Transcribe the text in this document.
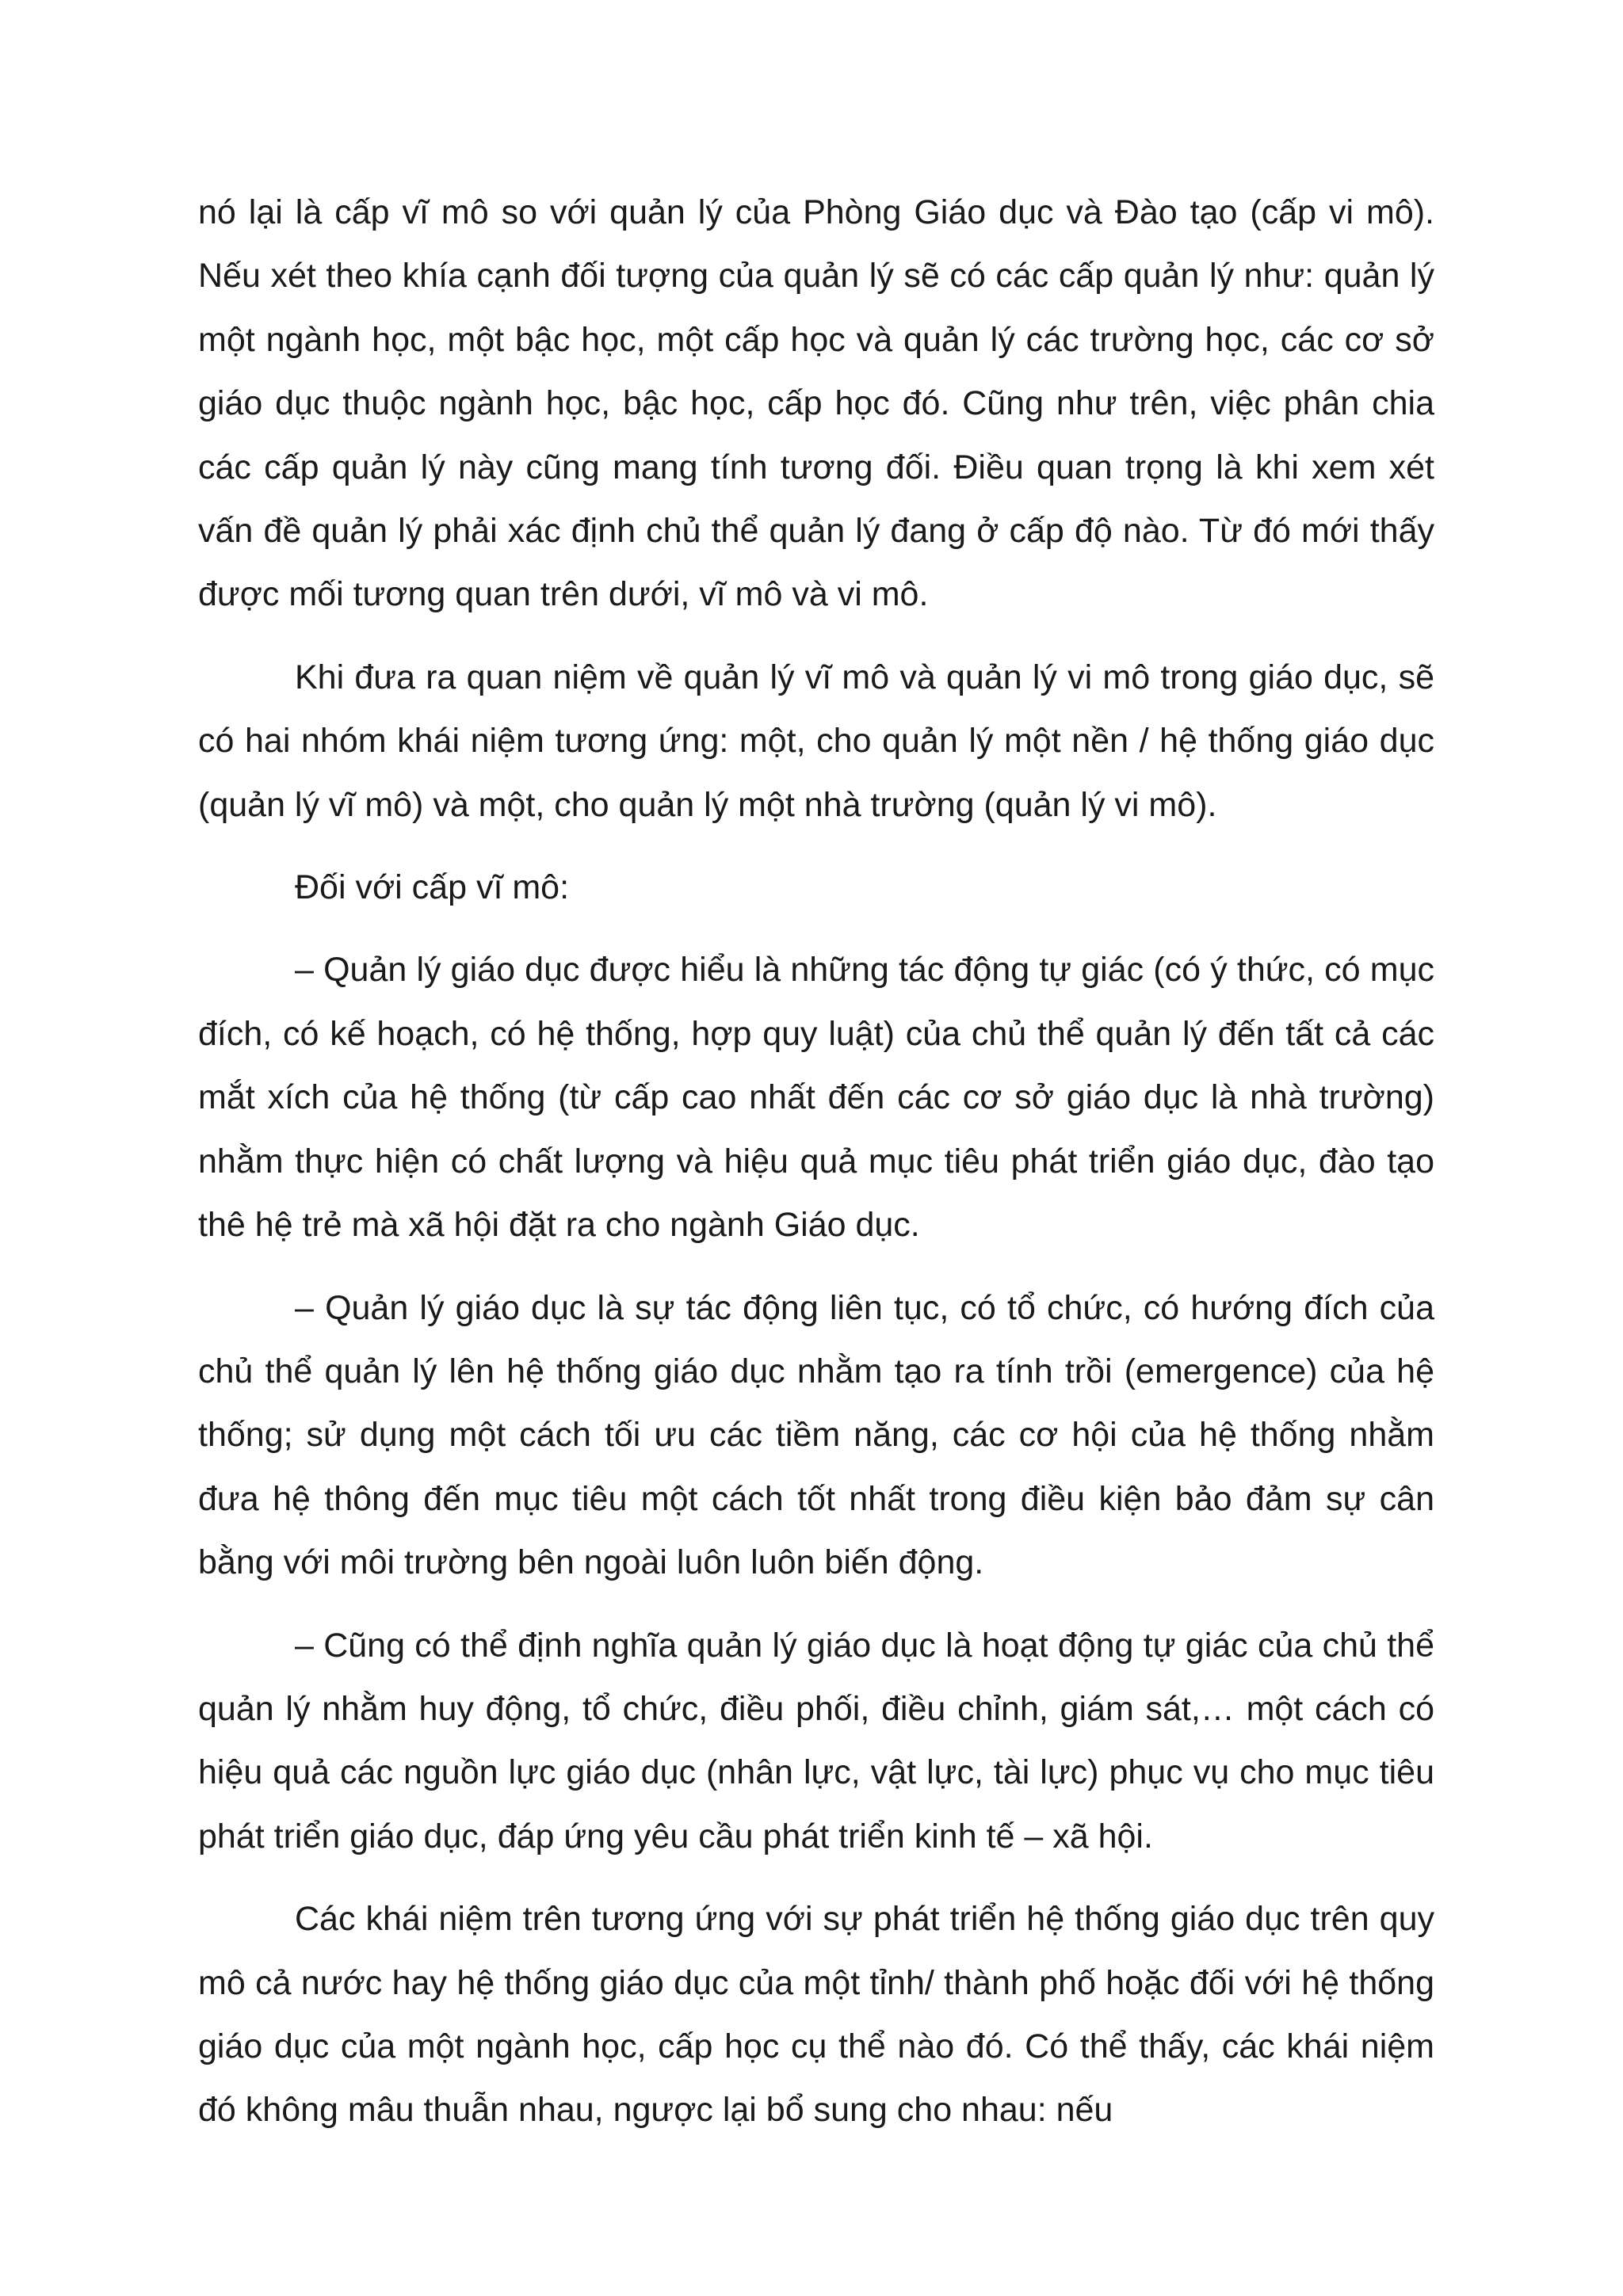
nó lại là cấp vĩ mô so với quản lý của Phòng Giáo dục và Đào tạo (cấp vi mô). Nếu xét theo khía cạnh đối tượng của quản lý sẽ có các cấp quản lý như: quản lý một ngành học, một bậc học, một cấp học và quản lý các trường học, các cơ sở giáo dục thuộc ngành học, bậc học, cấp học đó. Cũng như trên, việc phân chia các cấp quản lý này cũng mang tính tương đối. Điều quan trọng là khi xem xét vấn đề quản lý phải xác định chủ thể quản lý đang ở cấp độ nào. Từ đó mới thấy được mối tương quan trên dưới, vĩ mô và vi mô.

Khi đưa ra quan niệm về quản lý vĩ mô và quản lý vi mô trong giáo dục, sẽ có hai nhóm khái niệm tương ứng: một, cho quản lý một nền / hệ thống giáo dục (quản lý vĩ mô) và một, cho quản lý một nhà trường (quản lý vi mô).

Đối với cấp vĩ mô:

– Quản lý giáo dục được hiểu là những tác động tự giác (có ý thức, có mục đích, có kế hoạch, có hệ thống, hợp quy luật) của chủ thể quản lý đến tất cả các mắt xích của hệ thống (từ cấp cao nhất đến các cơ sở giáo dục là nhà trường) nhằm thực hiện có chất lượng và hiệu quả mục tiêu phát triển giáo dục, đào tạo thê hệ trẻ mà xã hội đặt ra cho ngành Giáo dục.

– Quản lý giáo dục là sự tác động liên tục, có tổ chức, có hướng đích của chủ thể quản lý lên hệ thống giáo dục nhằm tạo ra tính trồi (emergence) của hệ thống; sử dụng một cách tối ưu các tiềm năng, các cơ hội của hệ thống nhằm đưa hệ thông đến mục tiêu một cách tốt nhất trong điều kiện bảo đảm sự cân bằng với môi trường bên ngoài luôn luôn biến động.

– Cũng có thể định nghĩa quản lý giáo dục là hoạt động tự giác của chủ thể quản lý nhằm huy động, tổ chức, điều phối, điều chỉnh, giám sát,… một cách có hiệu quả các nguồn lực giáo dục (nhân lực, vật lực, tài lực) phục vụ cho mục tiêu phát triển giáo dục, đáp ứng yêu cầu phát triển kinh tế – xã hội.

Các khái niệm trên tương ứng với sự phát triển hệ thống giáo dục trên quy mô cả nước hay hệ thống giáo dục của một tỉnh/ thành phố hoặc đối với hệ thống giáo dục của một ngành học, cấp học cụ thể nào đó. Có thể thấy, các khái niệm đó không mâu thuẫn nhau, ngược lại bổ sung cho nhau: nếu
